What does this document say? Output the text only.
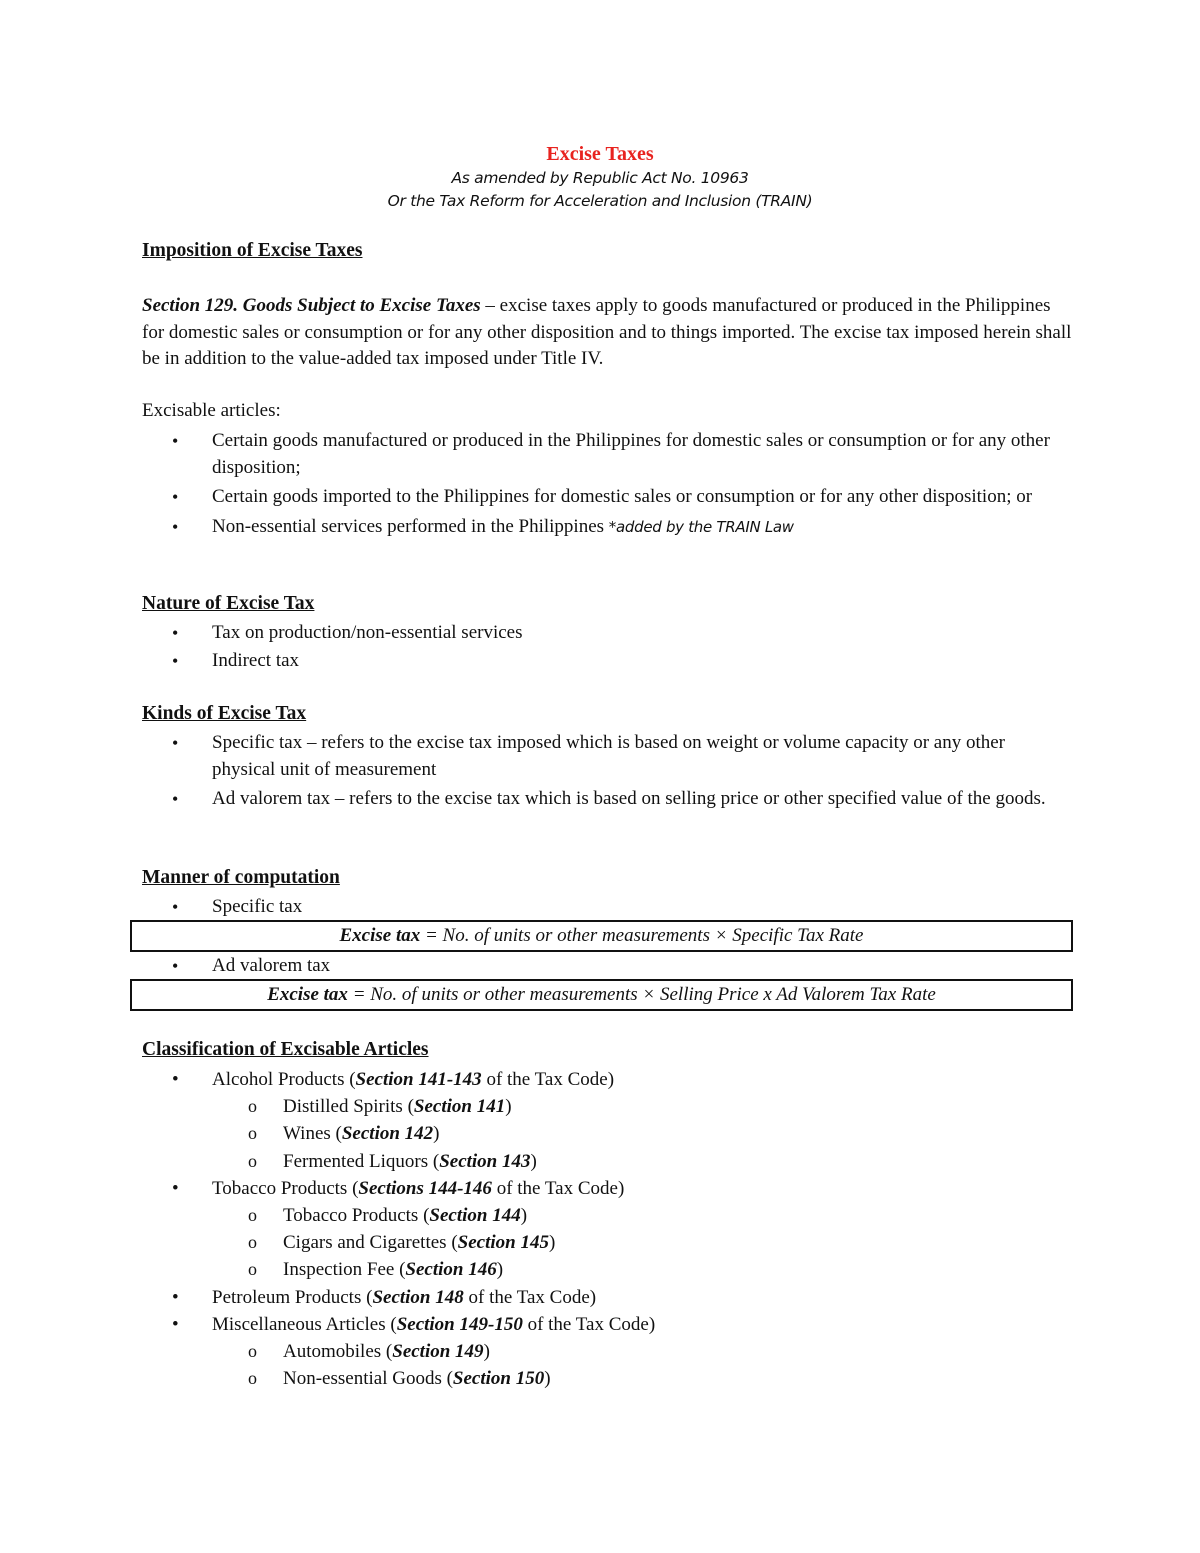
Excise Taxes
As amended by Republic Act No. 10963
Or the Tax Reform for Acceleration and Inclusion (TRAIN)
Imposition of Excise Taxes
Section 129. Goods Subject to Excise Taxes – excise taxes apply to goods manufactured or produced in the Philippines for domestic sales or consumption or for any other disposition and to things imported. The excise tax imposed herein shall be in addition to the value-added tax imposed under Title IV.
Excisable articles:
• Certain goods manufactured or produced in the Philippines for domestic sales or consumption or for any other disposition;
• Certain goods imported to the Philippines for domestic sales or consumption or for any other disposition; or
• Non-essential services performed in the Philippines *added by the TRAIN Law
Nature of Excise Tax
• Tax on production/non-essential services
• Indirect tax
Kinds of Excise Tax
• Specific tax – refers to the excise tax imposed which is based on weight or volume capacity or any other physical unit of measurement
• Ad valorem tax – refers to the excise tax which is based on selling price or other specified value of the goods.
Manner of computation
• Specific tax
Excise tax = No. of units or other measurements × Specific Tax Rate
• Ad valorem tax
Excise tax = No. of units or other measurements × Selling Price x Ad Valorem Tax Rate
Classification of Excisable Articles
• Alcohol Products (Section 141-143 of the Tax Code)
o Distilled Spirits (Section 141)
o Wines (Section 142)
o Fermented Liquors (Section 143)
• Tobacco Products (Sections 144-146 of the Tax Code)
o Tobacco Products (Section 144)
o Cigars and Cigarettes (Section 145)
o Inspection Fee (Section 146)
• Petroleum Products (Section 148 of the Tax Code)
• Miscellaneous Articles (Section 149-150 of the Tax Code)
o Automobiles (Section 149)
o Non-essential Goods (Section 150)
